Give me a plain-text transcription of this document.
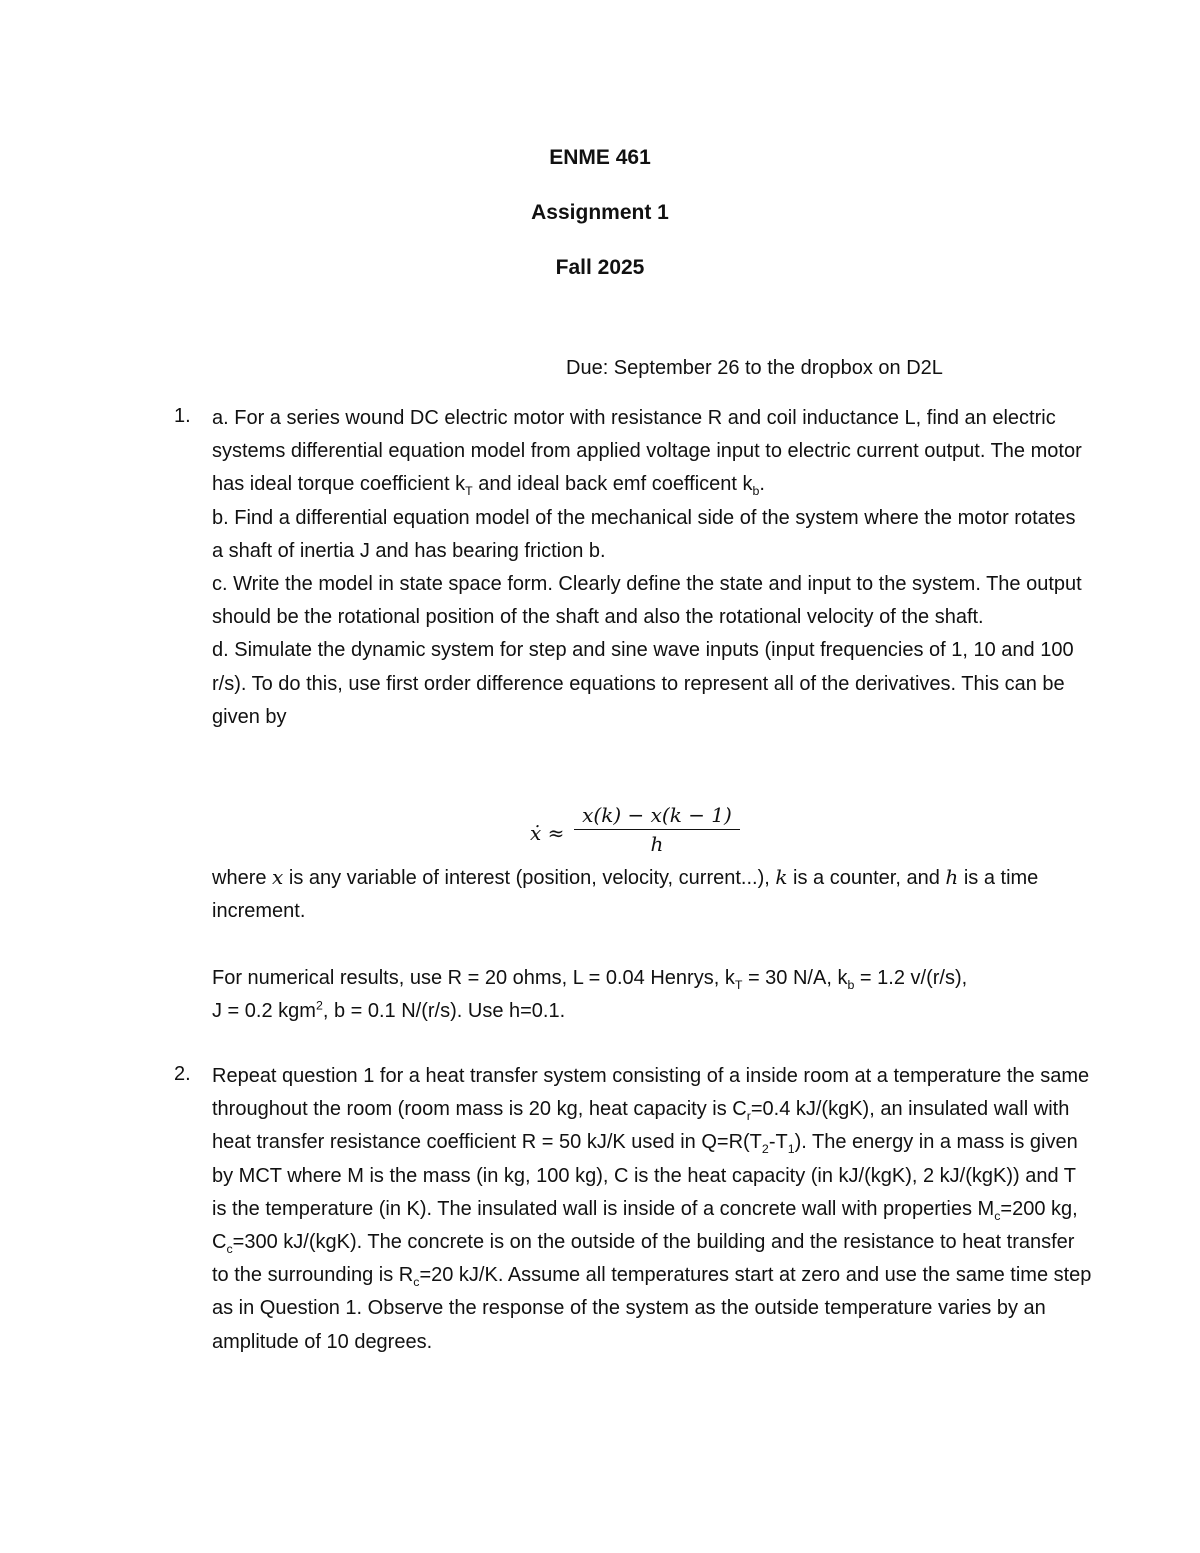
ENME 461
Assignment 1
Fall 2025
Due: September 26 to the dropbox on D2L
1. a. For a series wound DC electric motor with resistance R and coil inductance L, find an electric systems differential equation model from applied voltage input to electric current output. The motor has ideal torque coefficient $k_T$ and ideal back emf coefficent $k_b$.

b. Find a differential equation model of the mechanical side of the system where the motor rotates a shaft of inertia J and has bearing friction b.

c. Write the model in state space form. Clearly define the state and input to the system. The output should be the rotational position of the shaft and also the rotational velocity of the shaft.

d. Simulate the dynamic system for step and sine wave inputs (input frequencies of 1, 10 and 100 r/s). To do this, use first order difference equations to represent all of the derivatives. This can be given by

ẋ ≈
x(k) − x(k − 1)
h

where x is any variable of interest (position, velocity, current...), k is a counter, and h is a time increment.

For numerical results, use R = 20 ohms, L = 0.04 Henrys, $k_T = 30$ N/A, $k_b = 1.2$ v/(r/s),
J = 0.2 kgm$^2$, b = 0.1 N/(r/s). Use h=0.1.

2. Repeat question 1 for a heat transfer system consisting of a inside room at a temperature the same throughout the room (room mass is 20 kg, heat capacity is $C_r=0.4$ kJ/(kgK), an insulated wall with heat transfer resistance coefficient R = 50 kJ/K used in $Q=R(T_2-T_1)$. The energy in a mass is given by MCT where M is the mass (in kg, 100 kg), C is the heat capacity (in kJ/(kgK), 2 kJ/(kgK)) and T is the temperature (in K). The insulated wall is inside of a concrete wall with properties $M_c=200$ kg, $C_c=300$ kJ/(kgK). The concrete is on the outside of the building and the resistance to heat transfer to the surrounding is $R_c=20$ kJ/K. Assume all temperatures start at zero and use the same time step as in Question 1. Observe the response of the system as the outside temperature varies by an amplitude of 10 degrees.
